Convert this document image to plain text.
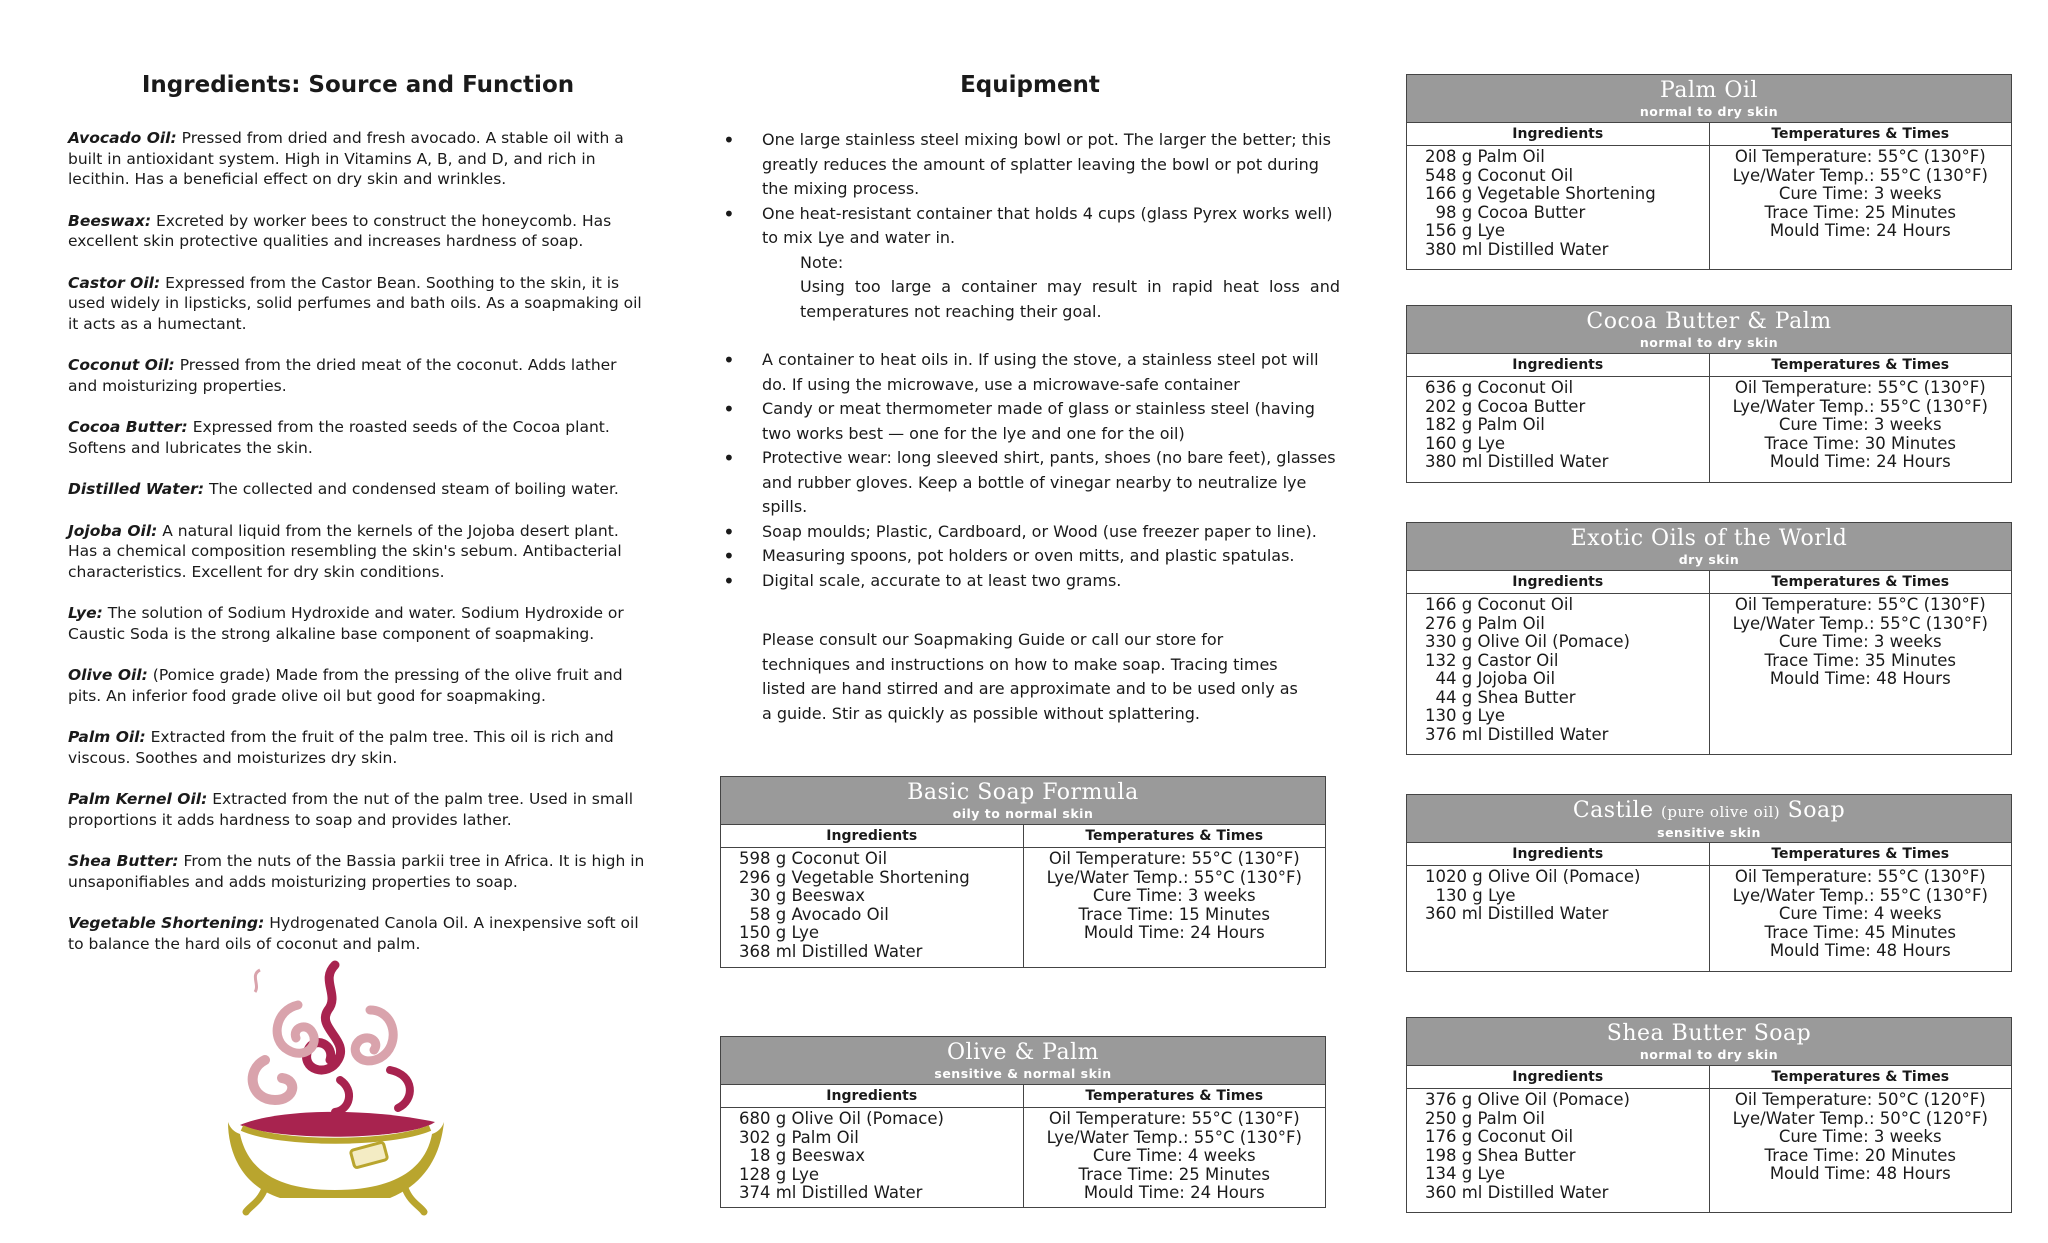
Ingredients: Source and Function

Avocado Oil: Pressed from dried and fresh avocado. A stable oil with a built in antioxidant system. High in Vitamins A, B, and D, and rich in lecithin. Has a beneficial effect on dry skin and wrinkles.

Beeswax: Excreted by worker bees to construct the honeycomb. Has excellent skin protective qualities and increases hardness of soap.

Castor Oil: Expressed from the Castor Bean. Soothing to the skin, it is used widely in lipsticks, solid perfumes and bath oils. As a soapmaking oil it acts as a humectant.

Coconut Oil: Pressed from the dried meat of the coconut. Adds lather and moisturizing properties.

Cocoa Butter: Expressed from the roasted seeds of the Cocoa plant. Softens and lubricates the skin.

Distilled Water: The collected and condensed steam of boiling water.

Jojoba Oil: A natural liquid from the kernels of the Jojoba desert plant. Has a chemical composition resembling the skin's sebum. Antibacterial characteristics. Excellent for dry skin conditions.

Lye: The solution of Sodium Hydroxide and water. Sodium Hydroxide or Caustic Soda is the strong alkaline base component of soapmaking.

Olive Oil: (Pomice grade) Made from the pressing of the olive fruit and pits. An inferior food grade olive oil but good for soapmaking.

Palm Oil: Extracted from the fruit of the palm tree. This oil is rich and viscous. Soothes and moisturizes dry skin.

Palm Kernel Oil: Extracted from the nut of the palm tree. Used in small proportions it adds hardness to soap and provides lather.

Shea Butter: From the nuts of the Bassia parkii tree in Africa. It is high in unsaponifiables and adds moisturizing properties to soap.

Vegetable Shortening: Hydrogenated Canola Oil. A inexpensive soft oil to balance the hard oils of coconut and palm.

Equipment
• One large stainless steel mixing bowl or pot. The larger the better; this greatly reduces the amount of splatter leaving the bowl or pot during the mixing process.
• One heat-resistant container that holds 4 cups (glass Pyrex works well) to mix Lye and water in.
Note:
Using too large a container may result in rapid heat loss and temperatures not reaching their goal.
• A container to heat oils in. If using the stove, a stainless steel pot will do. If using the microwave, use a microwave-safe container
• Candy or meat thermometer made of glass or stainless steel (having two works best — one for the lye and one for the oil)
• Protective wear: long sleeved shirt, pants, shoes (no bare feet), glasses and rubber gloves. Keep a bottle of vinegar nearby to neutralize lye spills.
• Soap moulds; Plastic, Cardboard, or Wood (use freezer paper to line).
• Measuring spoons, pot holders or oven mitts, and plastic spatulas.
• Digital scale, accurate to at least two grams.

Please consult our Soapmaking Guide or call our store for techniques and instructions on how to make soap. Tracing times listed are hand stirred and are approximate and to be used only as a guide. Stir as quickly as possible without splattering.

Basic Soap Formula
oily to normal skin
Ingredients	Temperatures & Times
598 g Coconut Oil
296 g Vegetable Shortening
30 g Beeswax
58 g Avocado Oil
150 g Lye
368 ml Distilled Water
Oil Temperature: 55°C (130°F)
Lye/Water Temp.: 55°C (130°F)
Cure Time: 3 weeks
Trace Time: 15 Minutes
Mould Time: 24 Hours
Olive & Palm
sensitive & normal skin
Ingredients	Temperatures & Times
680 g Olive Oil (Pomace)
302 g Palm Oil
18 g Beeswax
128 g Lye
374 ml Distilled Water
Oil Temperature: 55°C (130°F)
Lye/Water Temp.: 55°C (130°F)
Cure Time: 4 weeks
Trace Time: 25 Minutes
Mould Time: 24 Hours
Palm Oil
normal to dry skin
Ingredients	Temperatures & Times
208 g Palm Oil
548 g Coconut Oil
166 g Vegetable Shortening
98 g Cocoa Butter
156 g Lye
380 ml Distilled Water
Oil Temperature: 55°C (130°F)
Lye/Water Temp.: 55°C (130°F)
Cure Time: 3 weeks
Trace Time: 25 Minutes
Mould Time: 24 Hours
Cocoa Butter & Palm
normal to dry skin
Ingredients	Temperatures & Times
636 g Coconut Oil
202 g Cocoa Butter
182 g Palm Oil
160 g Lye
380 ml Distilled Water
Oil Temperature: 55°C (130°F)
Lye/Water Temp.: 55°C (130°F)
Cure Time: 3 weeks
Trace Time: 30 Minutes
Mould Time: 24 Hours
Exotic Oils of the World
dry skin
Ingredients	Temperatures & Times
166 g Coconut Oil
276 g Palm Oil
330 g Olive Oil (Pomace)
132 g Castor Oil
44 g Jojoba Oil
44 g Shea Butter
130 g Lye
376 ml Distilled Water
Oil Temperature: 55°C (130°F)
Lye/Water Temp.: 55°C (130°F)
Cure Time: 3 weeks
Trace Time: 35 Minutes
Mould Time: 48 Hours
Castile (pure olive oil) Soap
sensitive skin
Ingredients	Temperatures & Times
1020 g Olive Oil (Pomace)
130 g Lye
360 ml Distilled Water
Oil Temperature: 55°C (130°F)
Lye/Water Temp.: 55°C (130°F)
Cure Time: 4 weeks
Trace Time: 45 Minutes
Mould Time: 48 Hours
Shea Butter Soap
normal to dry skin
Ingredients	Temperatures & Times
376 g Olive Oil (Pomace)
250 g Palm Oil
176 g Coconut Oil
198 g Shea Butter
134 g Lye
360 ml Distilled Water
Oil Temperature: 50°C (120°F)
Lye/Water Temp.: 50°C (120°F)
Cure Time: 3 weeks
Trace Time: 20 Minutes
Mould Time: 48 Hours
